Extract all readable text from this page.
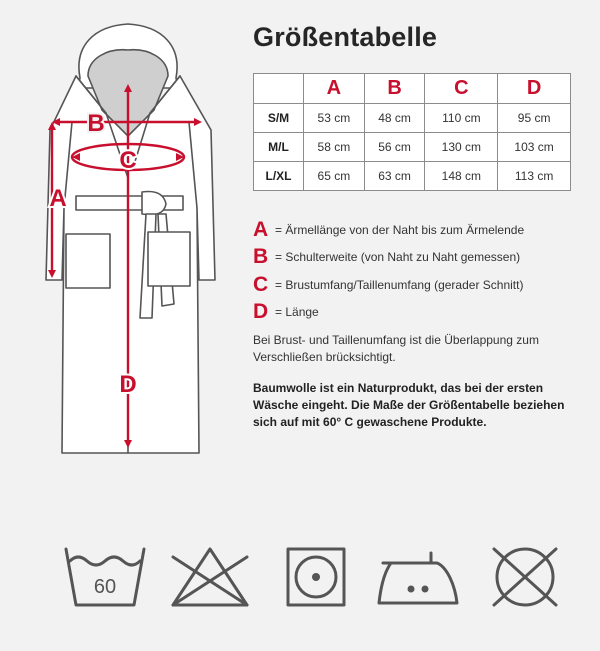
B
C
A
D
Größentabelle
	A	B	C	D
S/M	53 cm	48 cm	110 cm	95 cm
M/L	58 cm	56 cm	130 cm	103 cm
L/XL	65 cm	63 cm	148 cm	113 cm
A = Ärmellänge von der Naht bis zum Ärmelende
B = Schulterweite (von Naht zu Naht gemessen)
C = Brustumfang/Taillenumfang (gerader Schnitt)
D = Länge

Bei Brust- und Taillenumfang ist die Überlappung zum Verschließen brücksichtigt.

Baumwolle ist ein Naturprodukt, das bei der ersten Wäsche eingeht. Die Maße der Größentabelle beziehen sich auf mit 60° C gewaschene Produkte.

60
